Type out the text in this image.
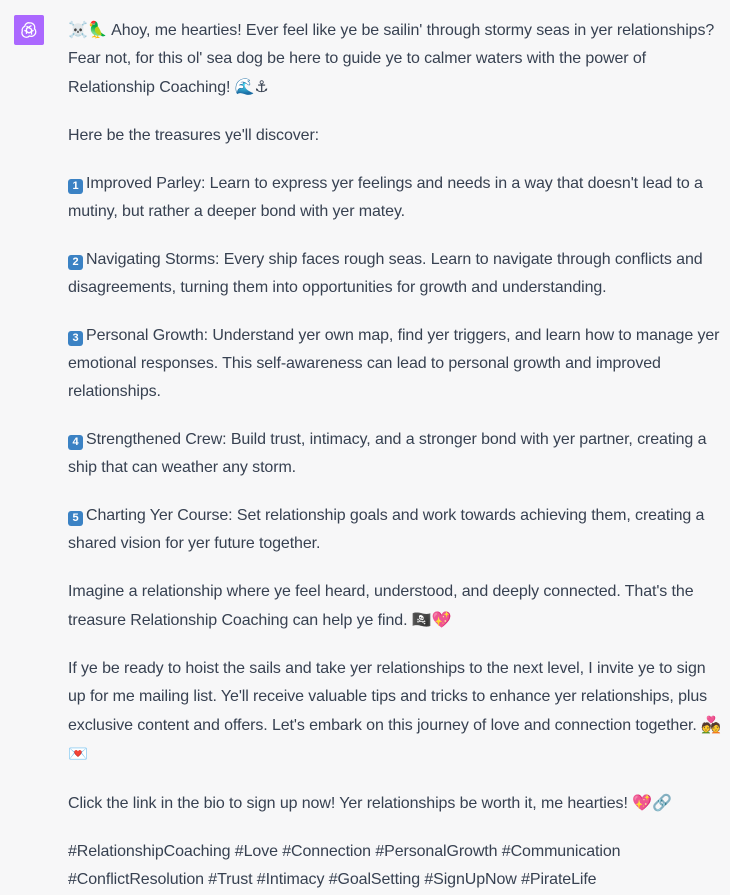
☠️🦜 Ahoy, me hearties! Ever feel like ye be sailin' through stormy seas in yer relationships? Fear not, for this ol' sea dog be here to guide ye to calmer waters with the power of Relationship Coaching! 🌊⚓

Here be the treasures ye'll discover:

1 Improved Parley: Learn to express yer feelings and needs in a way that doesn't lead to a mutiny, but rather a deeper bond with yer matey.

2 Navigating Storms: Every ship faces rough seas. Learn to navigate through conflicts and disagreements, turning them into opportunities for growth and understanding.

3 Personal Growth: Understand yer own map, find yer triggers, and learn how to manage yer emotional responses. This self-awareness can lead to personal growth and improved relationships.

4 Strengthened Crew: Build trust, intimacy, and a stronger bond with yer partner, creating a ship that can weather any storm.

5 Charting Yer Course: Set relationship goals and work towards achieving them, creating a shared vision for yer future together.

Imagine a relationship where ye feel heard, understood, and deeply connected. That's the treasure Relationship Coaching can help ye find. 🏴‍☠️💖

If ye be ready to hoist the sails and take yer relationships to the next level, I invite ye to sign up for me mailing list. Ye'll receive valuable tips and tricks to enhance yer relationships, plus exclusive content and offers. Let's embark on this journey of love and connection together. 💑💌

Click the link in the bio to sign up now! Yer relationships be worth it, me hearties! 💖🔗

#RelationshipCoaching #Love #Connection #PersonalGrowth #Communication #ConflictResolution #Trust #Intimacy #GoalSetting #SignUpNow #PirateLife
